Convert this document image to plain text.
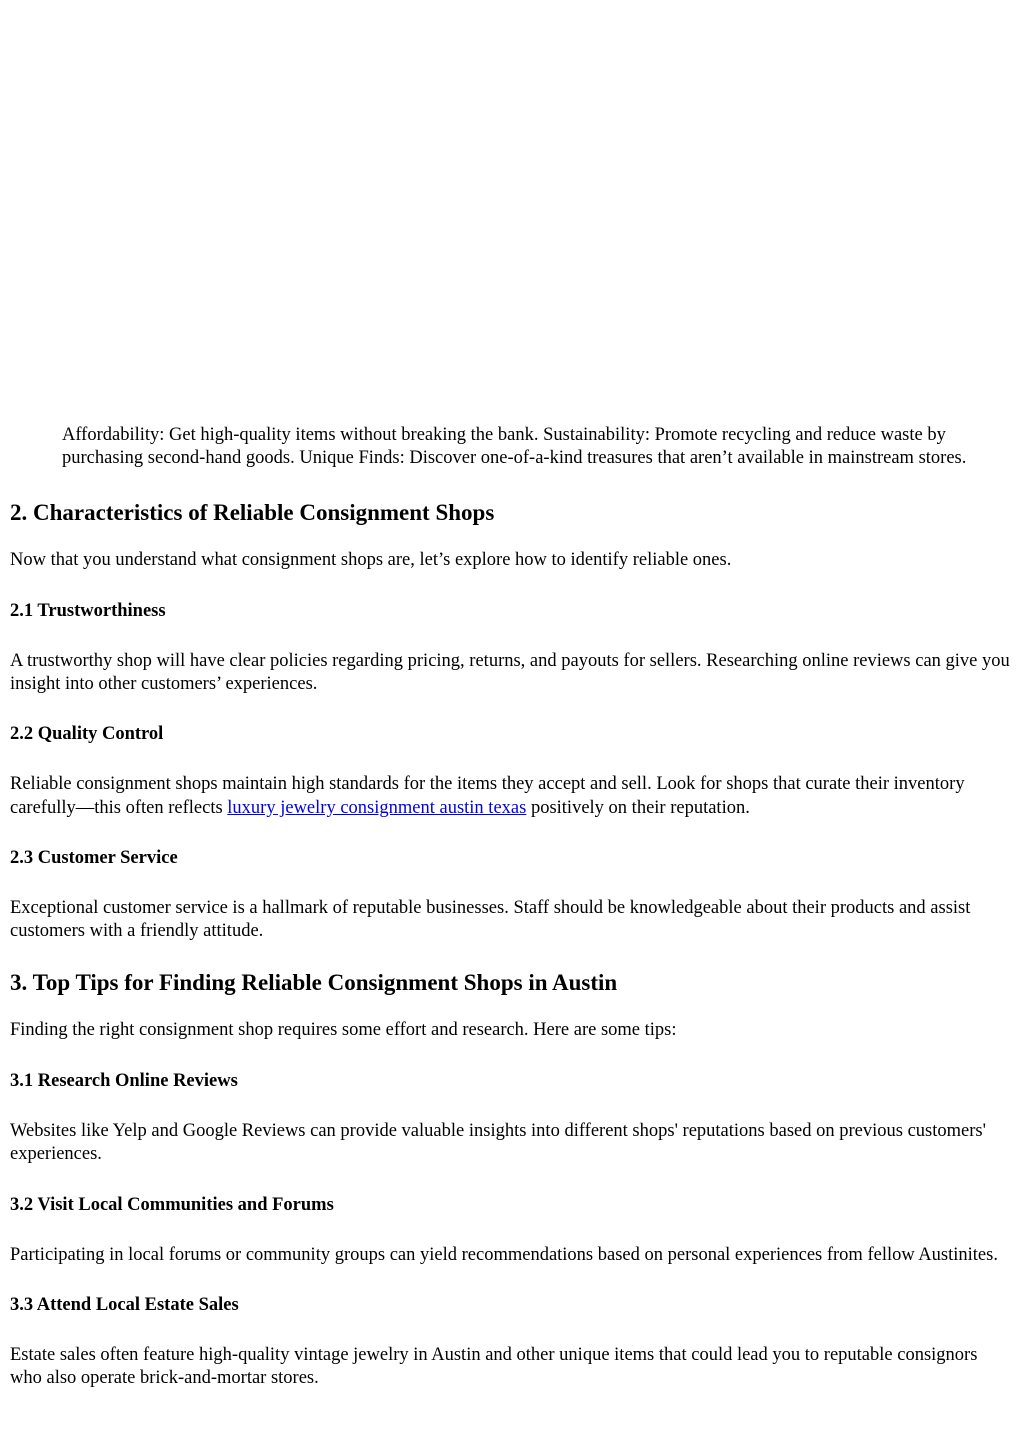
Affordability: Get high-quality items without breaking the bank. Sustainability: Promote recycling and reduce waste by purchasing second-hand goods. Unique Finds: Discover one-of-a-kind treasures that aren’t available in mainstream stores.

2. Characteristics of Reliable Consignment Shops

Now that you understand what consignment shops are, let’s explore how to identify reliable ones.

2.1 Trustworthiness

A trustworthy shop will have clear policies regarding pricing, returns, and payouts for sellers. Researching online reviews can give you insight into other customers’ experiences.

2.2 Quality Control

Reliable consignment shops maintain high standards for the items they accept and sell. Look for shops that curate their inventory carefully—this often reflects luxury jewelry consignment austin texas positively on their reputation.

2.3 Customer Service

Exceptional customer service is a hallmark of reputable businesses. Staff should be knowledgeable about their products and assist customers with a friendly attitude.

3. Top Tips for Finding Reliable Consignment Shops in Austin

Finding the right consignment shop requires some effort and research. Here are some tips:

3.1 Research Online Reviews

Websites like Yelp and Google Reviews can provide valuable insights into different shops' reputations based on previous customers' experiences.

3.2 Visit Local Communities and Forums

Participating in local forums or community groups can yield recommendations based on personal experiences from fellow Austinites.

3.3 Attend Local Estate Sales

Estate sales often feature high-quality vintage jewelry in Austin and other unique items that could lead you to reputable consignors who also operate brick-and-mortar stores.
